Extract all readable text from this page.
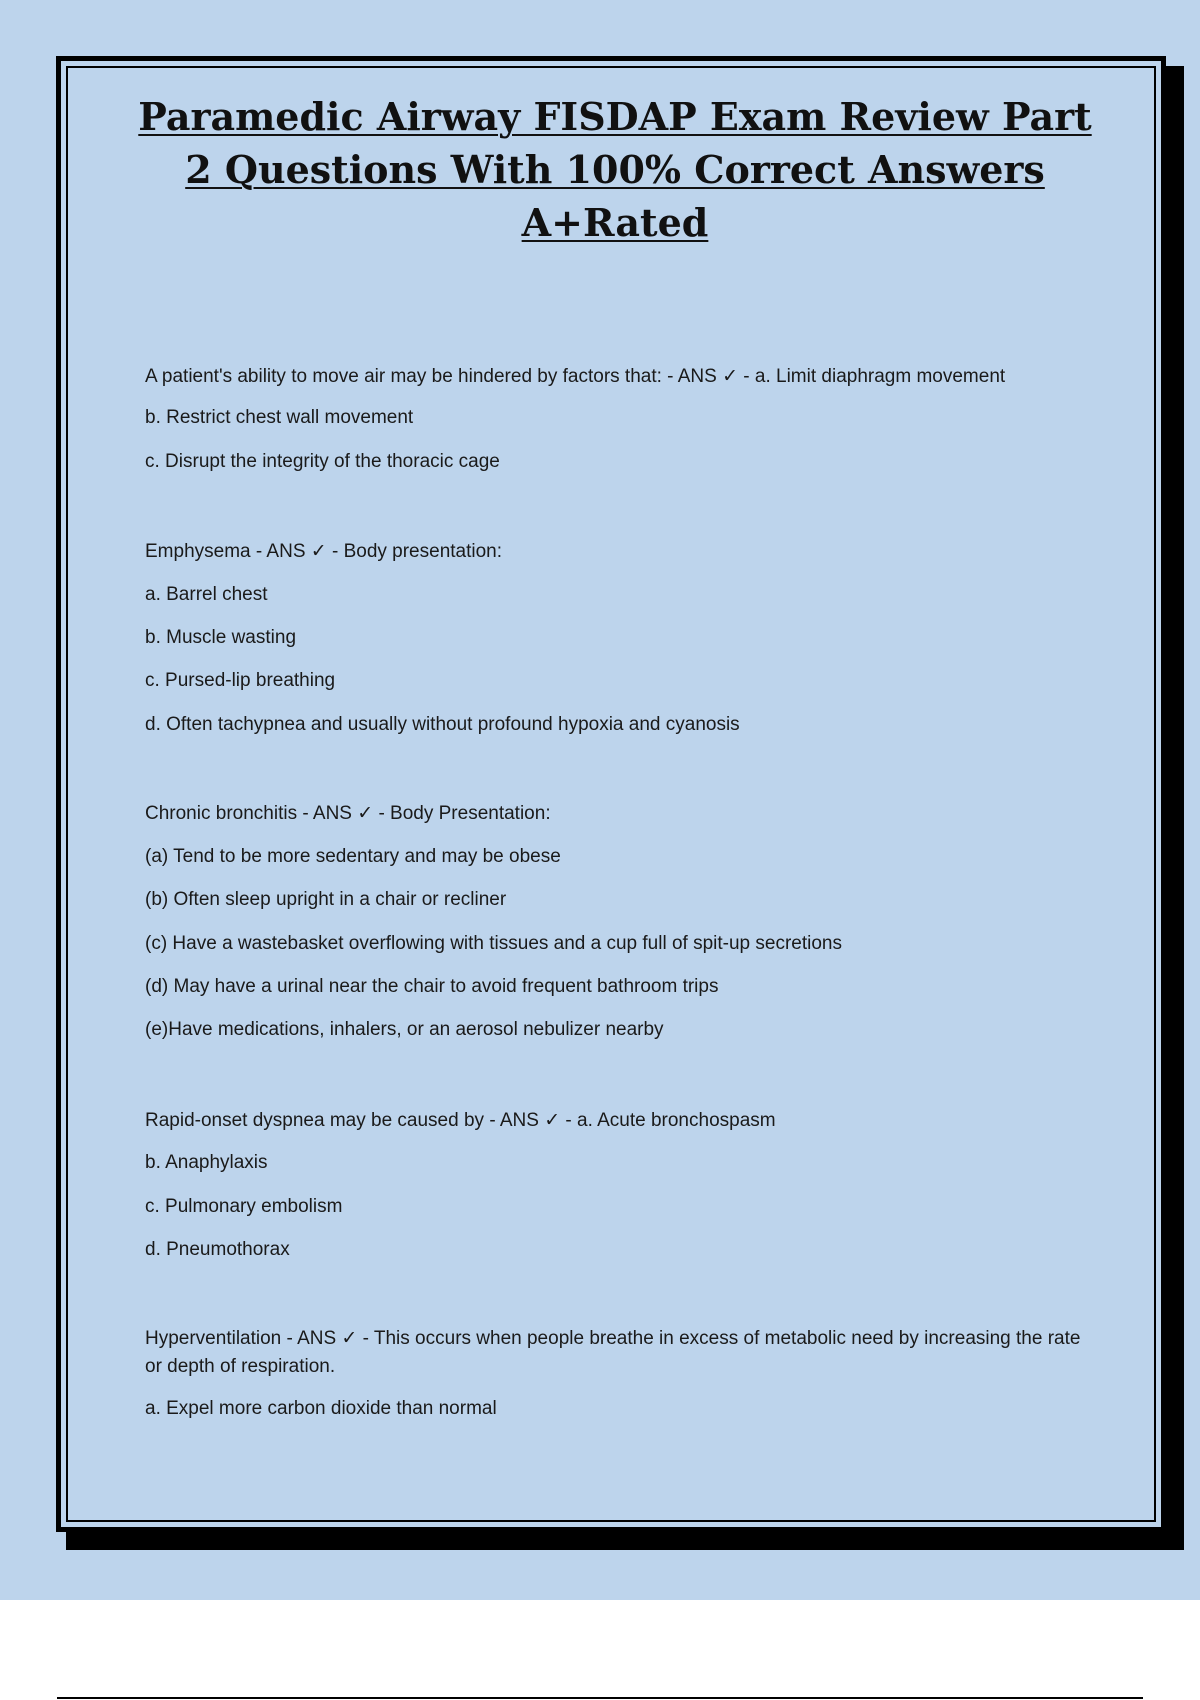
Paramedic Airway FISDAP Exam Review Part
2 Questions With 100% Correct Answers
A+Rated
A patient's ability to move air may be hindered by factors that: - ANS ✓ - a. Limit diaphragm movement
b. Restrict chest wall movement
c. Disrupt the integrity of the thoracic cage
Emphysema - ANS ✓ - Body presentation:
a. Barrel chest
b. Muscle wasting
c. Pursed-lip breathing
d. Often tachypnea and usually without profound hypoxia and cyanosis
Chronic bronchitis - ANS ✓ - Body Presentation:
(a) Tend to be more sedentary and may be obese
(b) Often sleep upright in a chair or recliner
(c) Have a wastebasket overflowing with tissues and a cup full of spit-up secretions
(d) May have a urinal near the chair to avoid frequent bathroom trips
(e)Have medications, inhalers, or an aerosol nebulizer nearby
Rapid-onset dyspnea may be caused by - ANS ✓ - a. Acute bronchospasm
b. Anaphylaxis
c. Pulmonary embolism
d. Pneumothorax
Hyperventilation - ANS ✓ - This occurs when people breathe in excess of metabolic need by increasing the rate or depth of respiration.
a. Expel more carbon dioxide than normal
